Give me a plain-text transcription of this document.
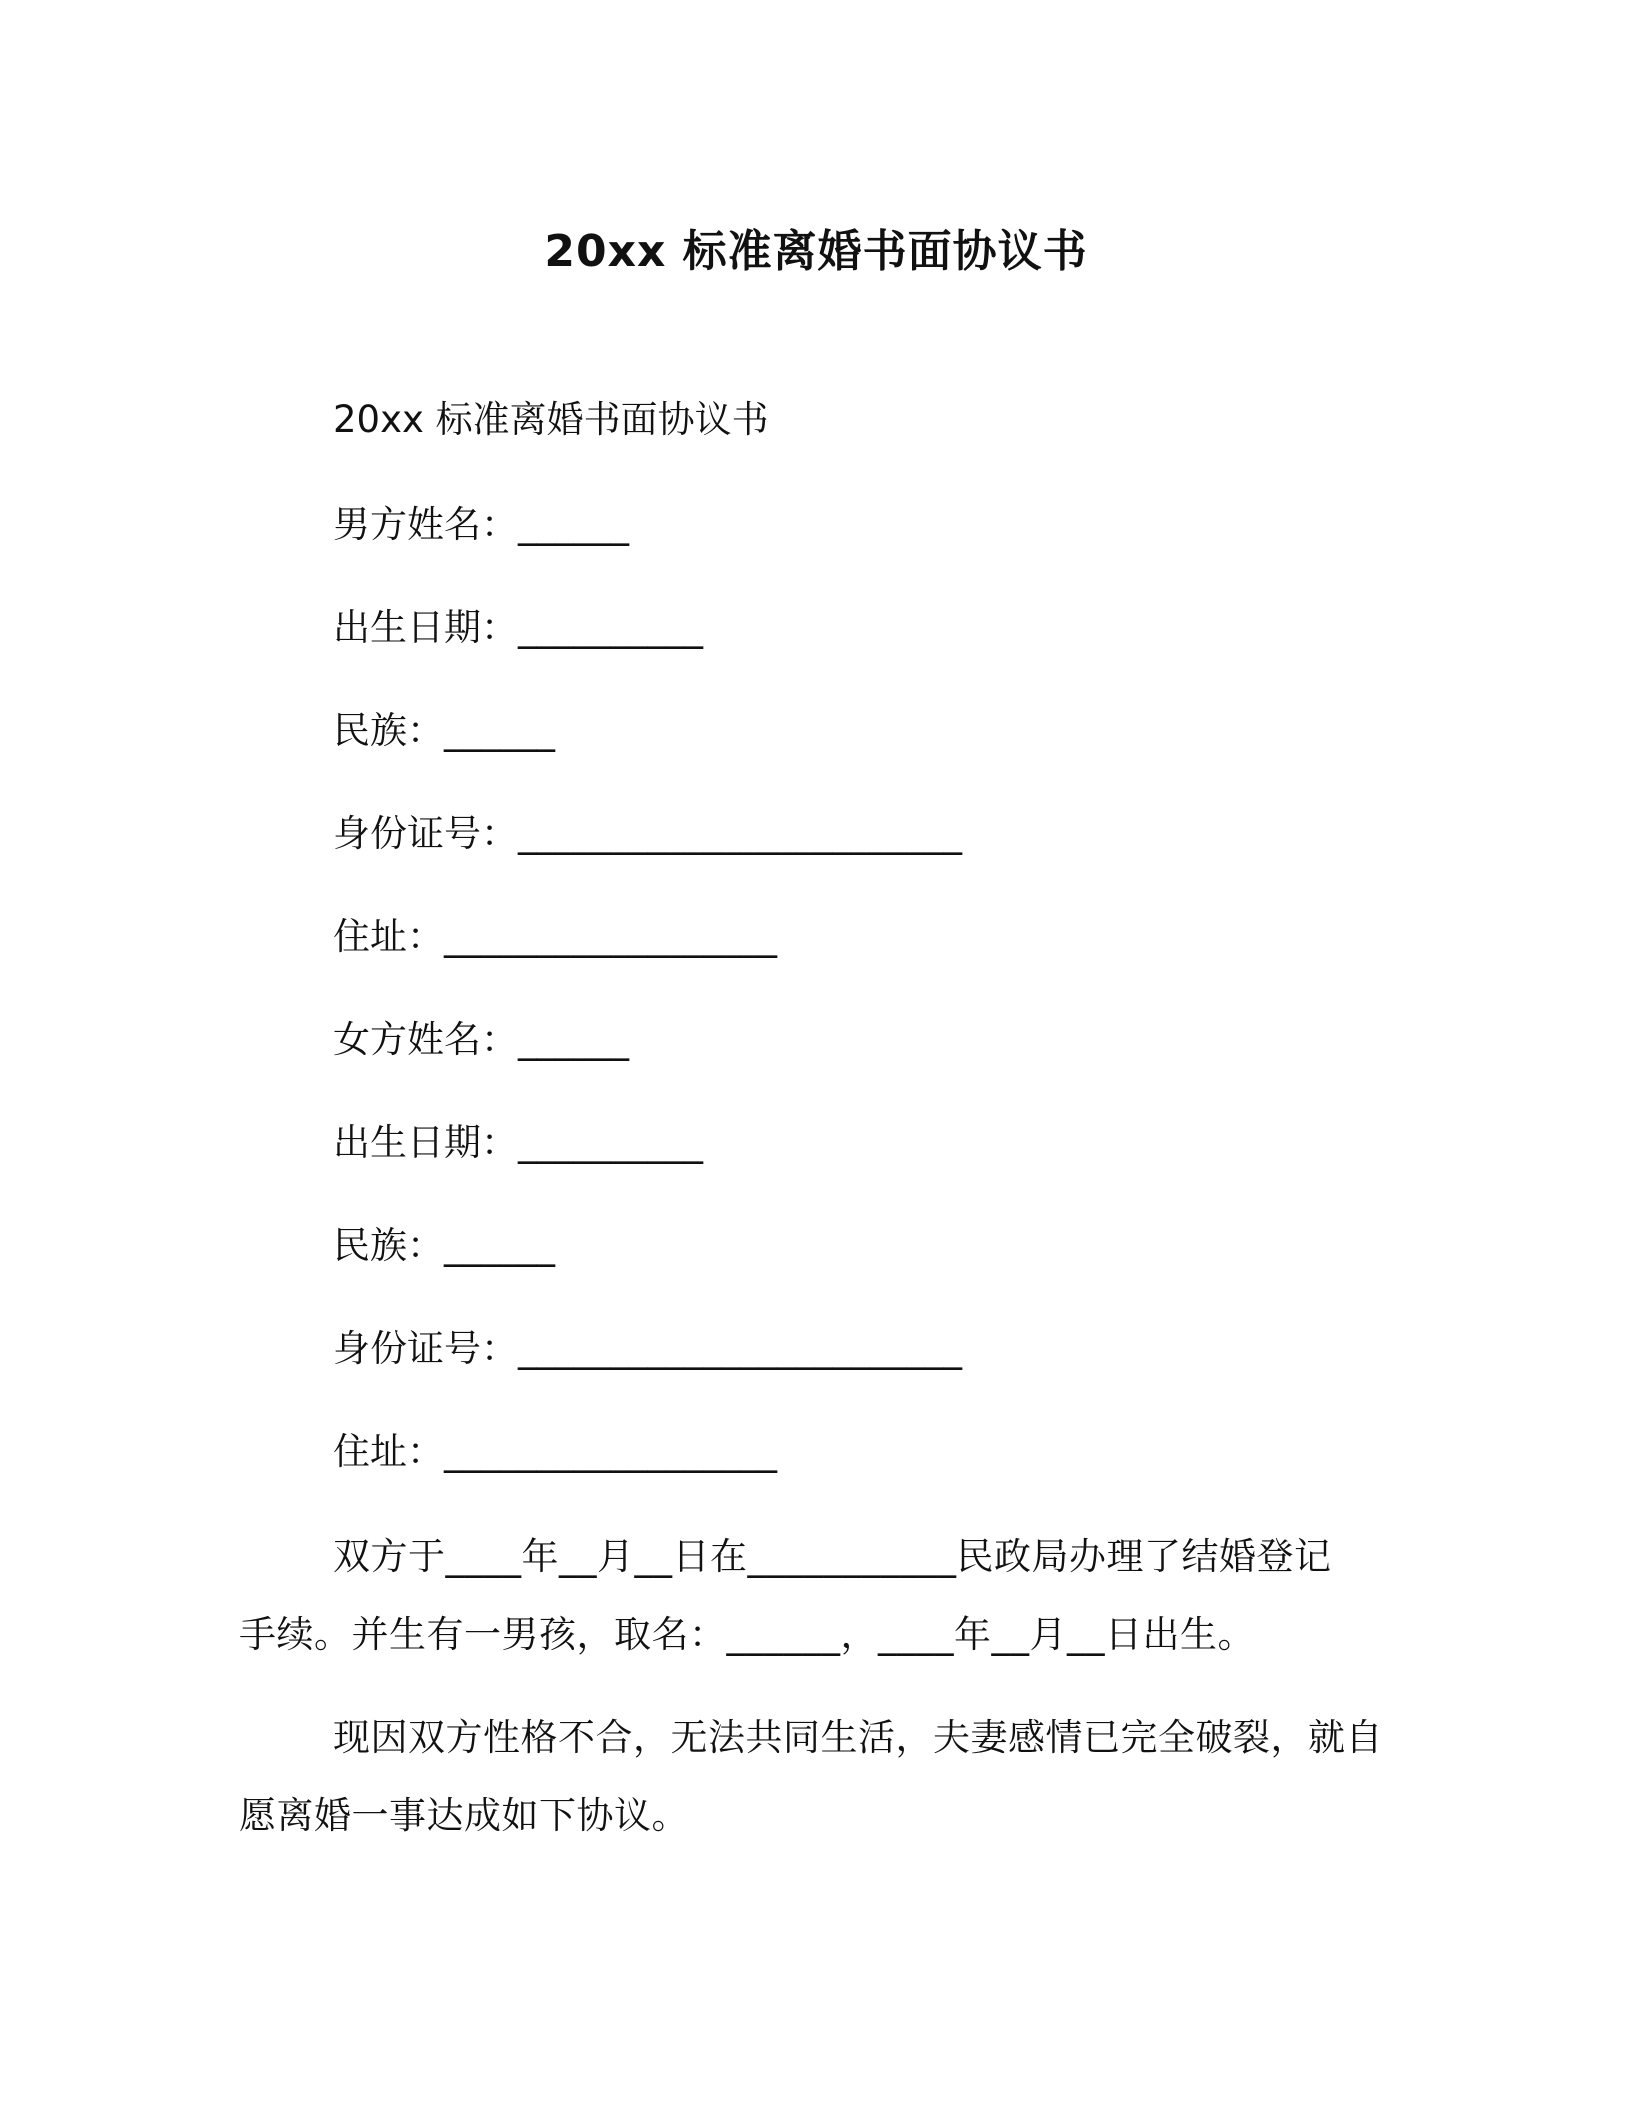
20xx 标准离婚书面协议书
20xx 标准离婚书面协议书
男方姓名：______
出生日期：__________
民族：______
身份证号：________________________
住址：__________________
女方姓名：______
出生日期：__________
民族：______
身份证号：________________________
住址：__________________
双方于____年__月__日在___________民政局办理了结婚登记
手续。并生有一男孩，取名：______，____年__月__日出生。
现因双方性格不合，无法共同生活，夫妻感情已完全破裂，就自
愿离婚一事达成如下协议。
